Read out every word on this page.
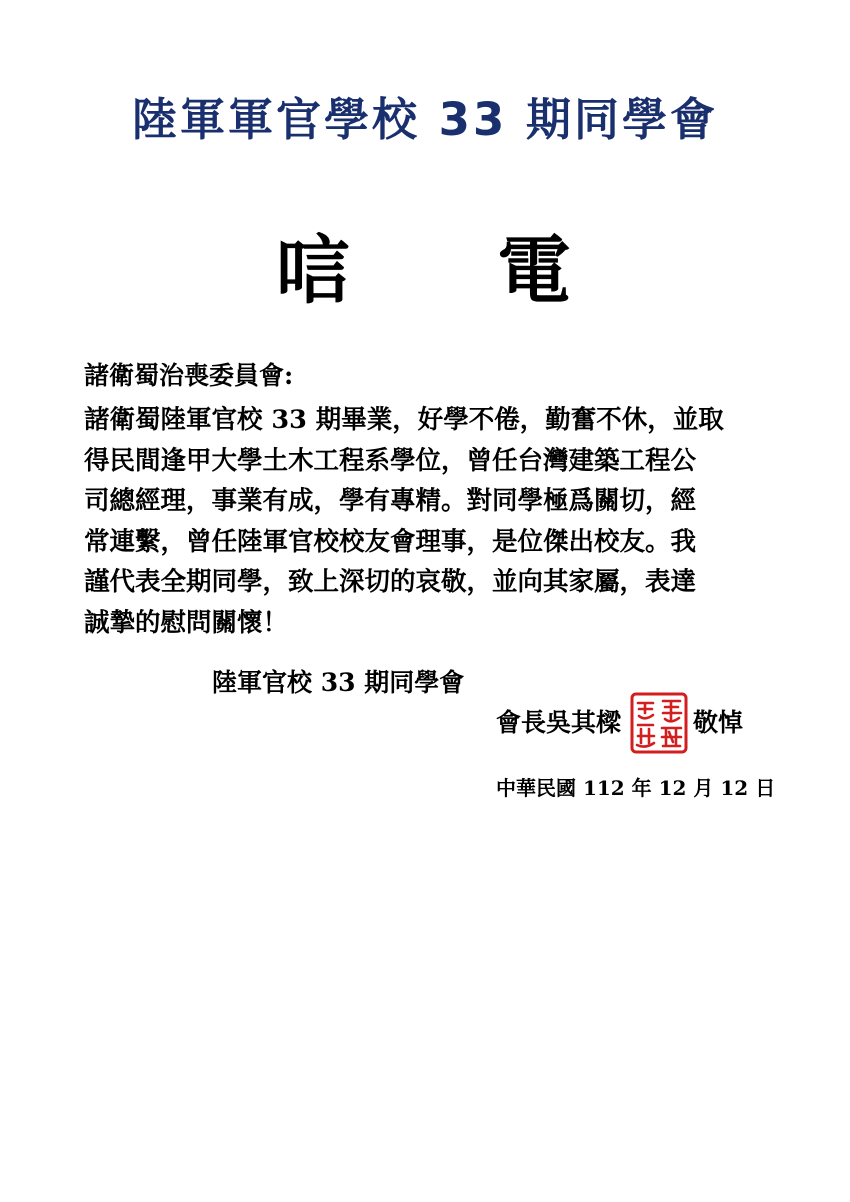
陸軍軍官學校 33 期同學會
唁 電
諸衛蜀治喪委員會:
諸衛蜀陸軍官校 33 期畢業，好學不倦，勤奮不休，並取
得民間逢甲大學土木工程系學位，曾任台灣建築工程公
司總經理，事業有成，學有專精。對同學極爲關切，經
常連繫，曾任陸軍官校校友會理事，是位傑出校友。我
謹代表全期同學，致上深切的哀敬，並向其家屬，表達
誠摯的慰問關懷！
陸軍官校 33 期同學會
會長吳其樑	敬悼
中華民國 112 年 12 月 12 日
